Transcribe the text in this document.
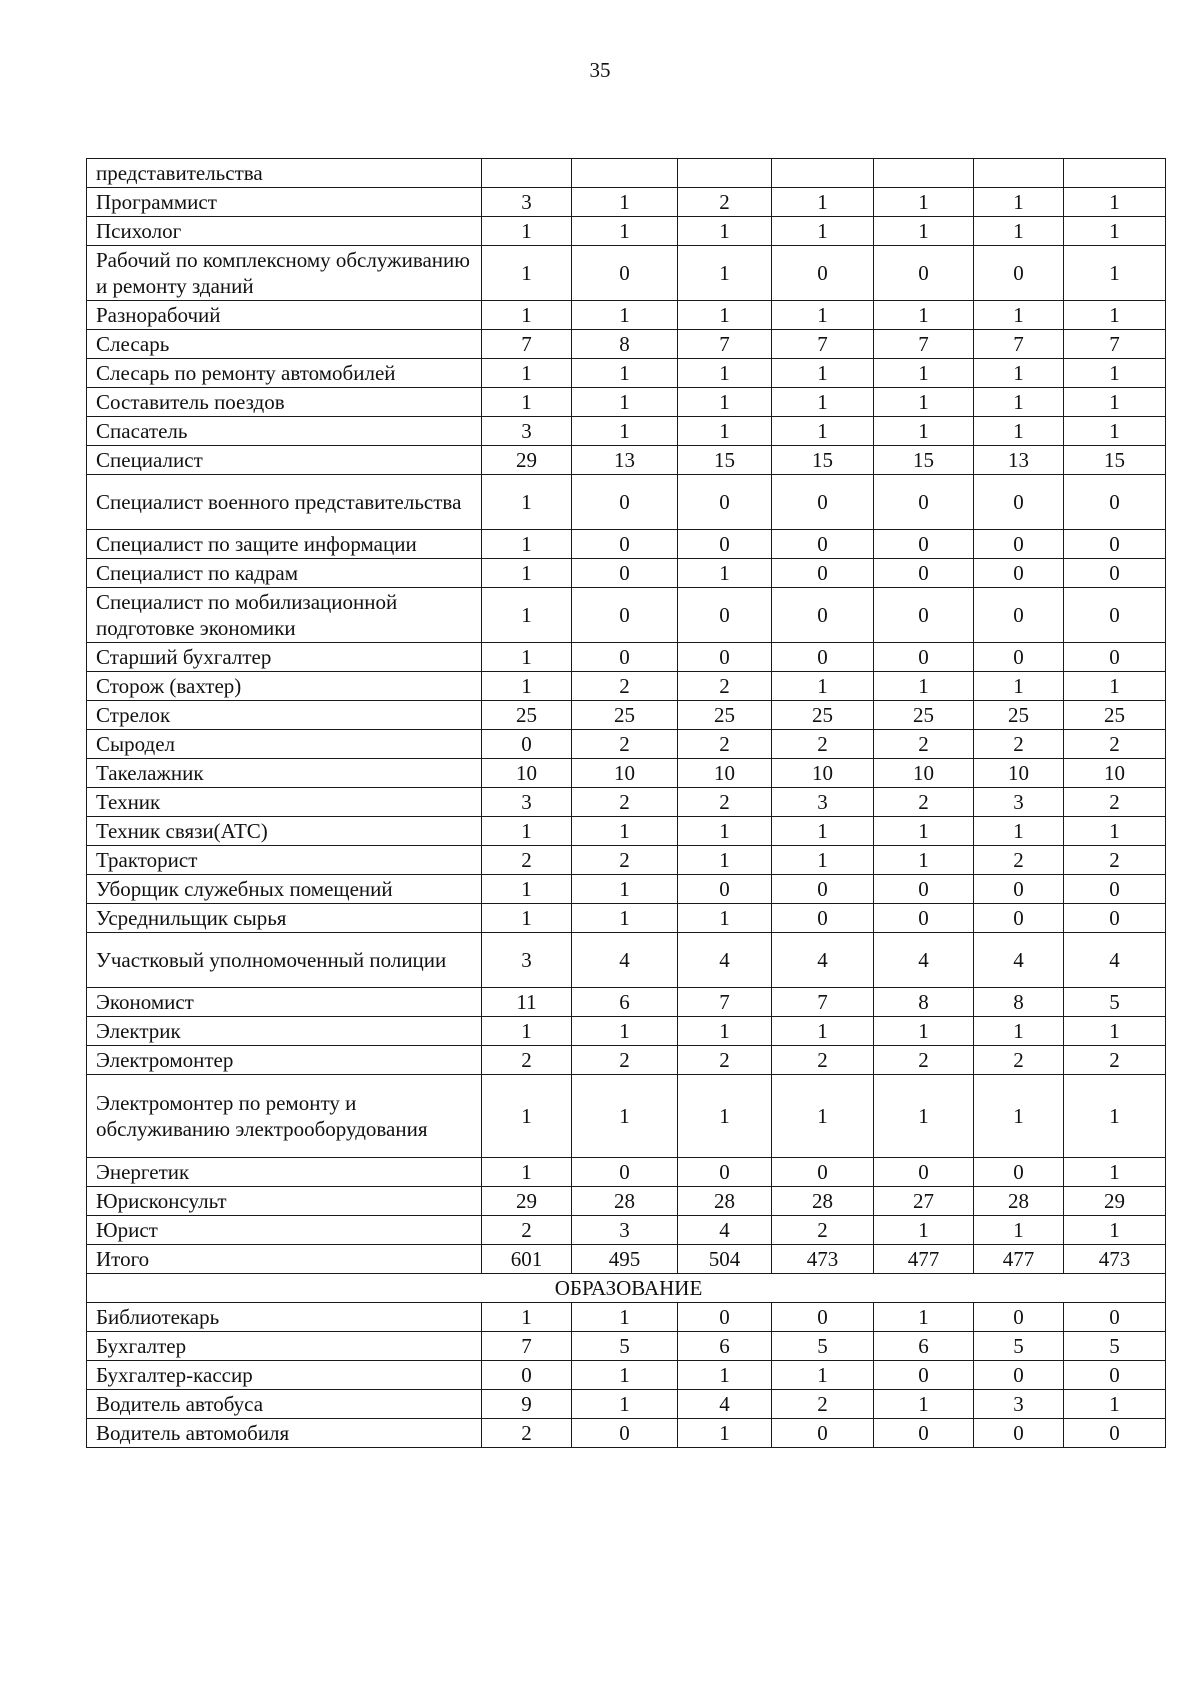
35
представительства							
Программист	3	1	2	1	1	1	1
Психолог	1	1	1	1	1	1	1
Рабочий по комплексному обслуживанию и ремонту зданий	1	0	1	0	0	0	1
Разнорабочий	1	1	1	1	1	1	1
Слесарь	7	8	7	7	7	7	7
Слесарь по ремонту автомобилей	1	1	1	1	1	1	1
Составитель поездов	1	1	1	1	1	1	1
Спасатель	3	1	1	1	1	1	1
Специалист	29	13	15	15	15	13	15
Специалист военного представительства	1	0	0	0	0	0	0
Специалист по защите информации	1	0	0	0	0	0	0
Специалист по кадрам	1	0	1	0	0	0	0
Специалист по мобилизационной подготовке экономики	1	0	0	0	0	0	0
Старший бухгалтер	1	0	0	0	0	0	0
Сторож (вахтер)	1	2	2	1	1	1	1
Стрелок	25	25	25	25	25	25	25
Сыродел	0	2	2	2	2	2	2
Такелажник	10	10	10	10	10	10	10
Техник	3	2	2	3	2	3	2
Техник связи(АТС)	1	1	1	1	1	1	1
Тракторист	2	2	1	1	1	2	2
Уборщик служебных помещений	1	1	0	0	0	0	0
Усреднильщик сырья	1	1	1	0	0	0	0
Участковый уполномоченный полиции	3	4	4	4	4	4	4
Экономист	11	6	7	7	8	8	5
Электрик	1	1	1	1	1	1	1
Электромонтер	2	2	2	2	2	2	2
Электромонтер по ремонту и обслуживанию электрооборудования	1	1	1	1	1	1	1
Энергетик	1	0	0	0	0	0	1
Юрисконсульт	29	28	28	28	27	28	29
Юрист	2	3	4	2	1	1	1
Итого	601	495	504	473	477	477	473
ОБРАЗОВАНИЕ							
Библиотекарь	1	1	0	0	1	0	0
Бухгалтер	7	5	6	5	6	5	5
Бухгалтер-кассир	0	1	1	1	0	0	0
Водитель автобуса	9	1	4	2	1	3	1
Водитель автомобиля	2	0	1	0	0	0	0
